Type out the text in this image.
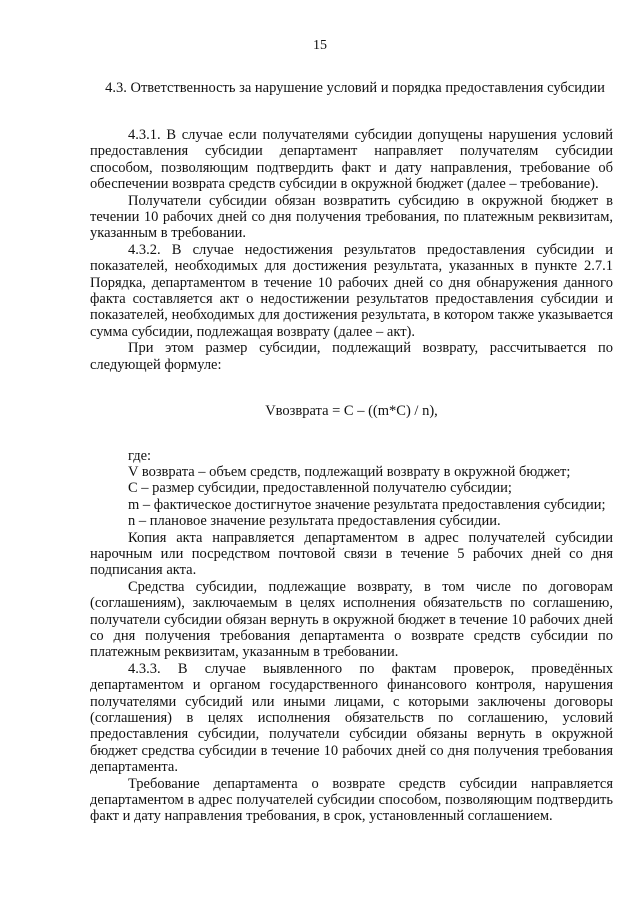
15
4.3. Ответственность за нарушение условий и порядка предоставления субсидии

4.3.1. В случае если получателями субсидии допущены нарушения условий предоставления субсидии департамент направляет получателям субсидии способом, позволяющим подтвердить факт и дату направления, требование об обеспечении возврата средств субсидии в окружной бюджет (далее – требование).

Получатели субсидии обязан возвратить субсидию в окружной бюджет в течении 10 рабочих дней со дня получения требования, по платежным реквизитам, указанным в требовании.

4.3.2. В случае недостижения результатов предоставления субсидии и показателей, необходимых для достижения результата, указанных в пункте 2.7.1 Порядка, департаментом в течение 10 рабочих дней со дня обнаружения данного факта составляется акт о недостижении результатов предоставления субсидии и показателей, необходимых для достижения результата, в котором также указывается сумма субсидии, подлежащая возврату (далее – акт).

При этом размер субсидии, подлежащий возврату, рассчитывается по следующей формуле:

Vвозврата = С – ((m*C) / n),

где:

V возврата – объем средств, подлежащий возврату в окружной бюджет;

С – размер субсидии, предоставленной получателю субсидии;

m – фактическое достигнутое значение результата предоставления субсидии;

n – плановое значение результата предоставления субсидии.

Копия акта направляется департаментом в адрес получателей субсидии нарочным или посредством почтовой связи в течение 5 рабочих дней со дня подписания акта.

Средства субсидии, подлежащие возврату, в том числе по договорам (соглашениям), заключаемым в целях исполнения обязательств по соглашению, получатели субсидии обязан вернуть в окружной бюджет в течение 10 рабочих дней со дня получения требования департамента о возврате средств субсидии по платежным реквизитам, указанным в требовании.

4.3.3. В случае выявленного по фактам проверок, проведённых департаментом и органом государственного финансового контроля, нарушения получателями субсидий или иными лицами, с которыми заключены договоры (соглашения) в целях исполнения обязательств по соглашению, условий предоставления субсидии, получатели субсидии обязаны вернуть в окружной бюджет средства субсидии в течение 10 рабочих дней со дня получения требования департамента.

Требование департамента о возврате средств субсидии направляется департаментом в адрес получателей субсидии способом, позволяющим подтвердить факт и дату направления требования, в срок, установленный соглашением.
